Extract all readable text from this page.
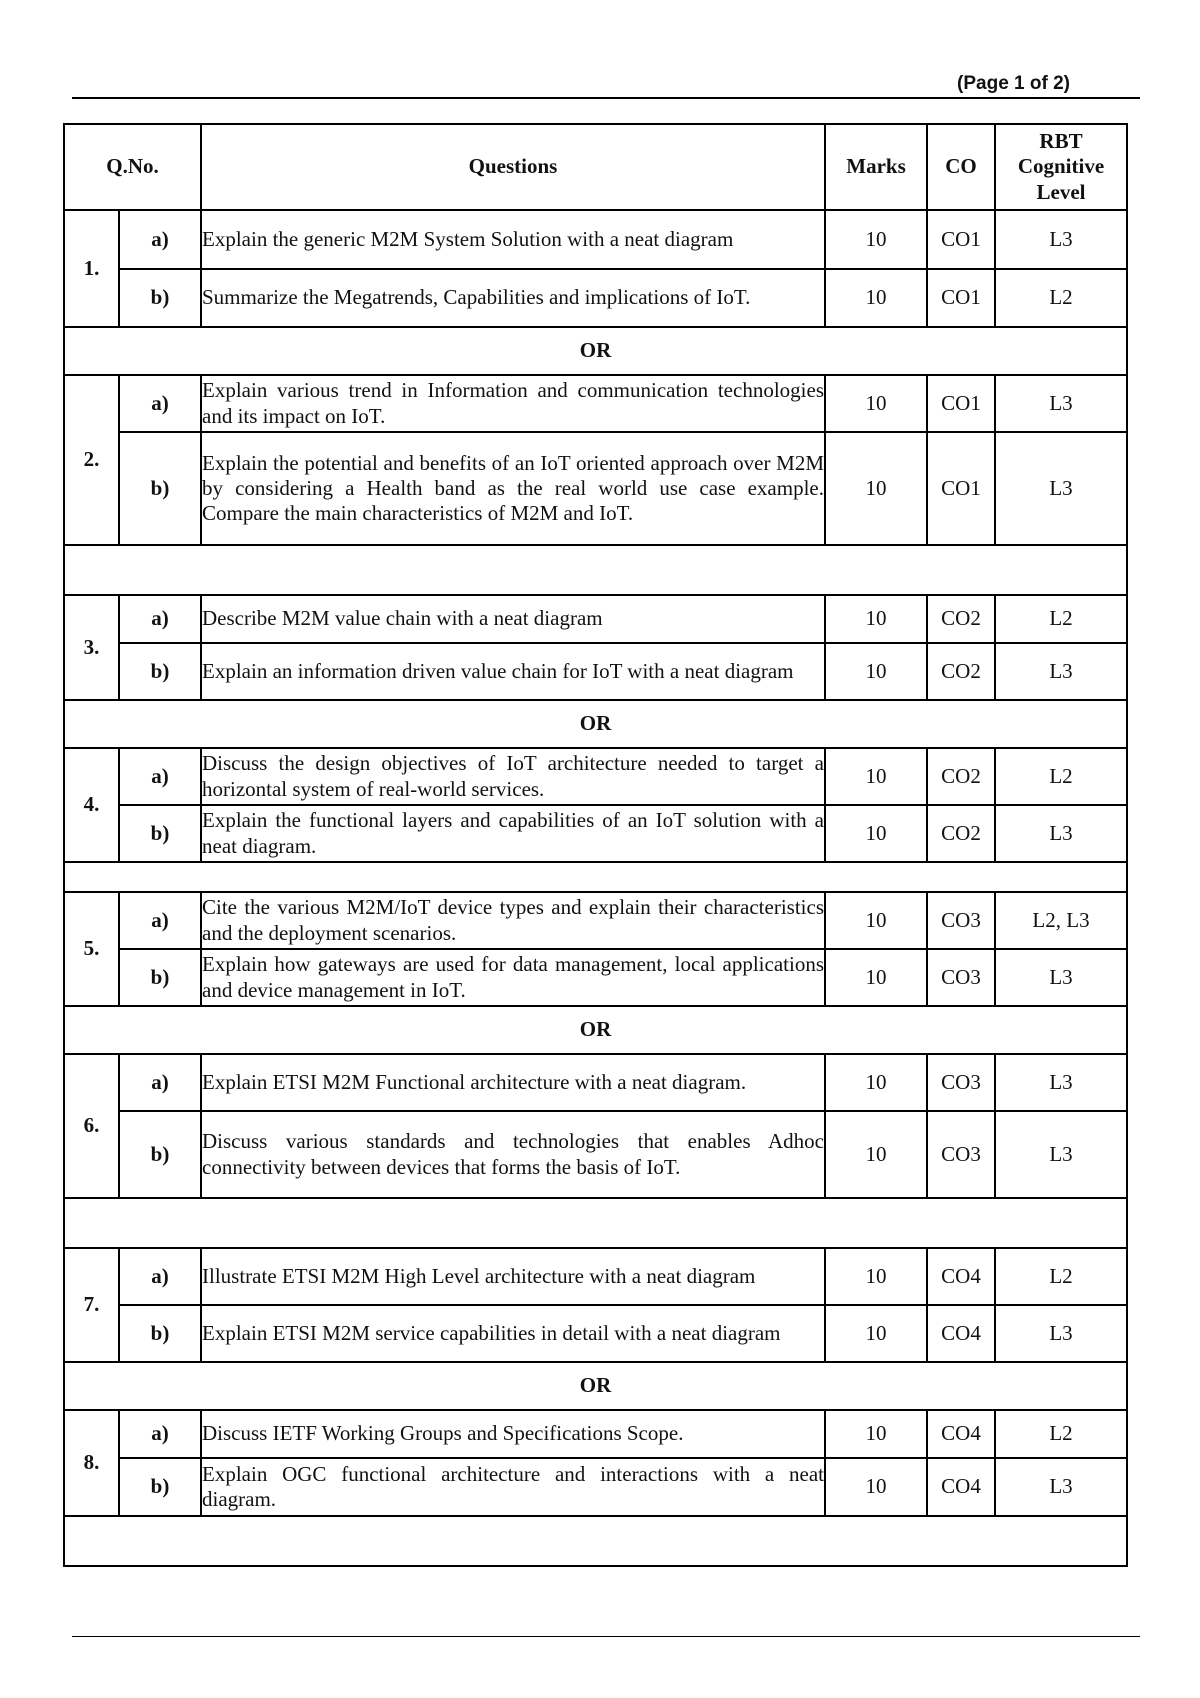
(Page 1 of 2)
Q.No.		Questions	Marks	CO	RBT Cognitive Level
1.	a)	Explain the generic M2M System Solution with a neat diagram	10	CO1	L3
	b)	Summarize the Megatrends, Capabilities and implications of IoT.	10	CO1	L2
OR					
2.	a)	Explain various trend in Information and communication technologies and its impact on IoT.	10	CO1	L3
	b)	Explain the potential and benefits of an IoT oriented approach over M2M by considering a Health band as the real world use case example. Compare the main characteristics of M2M and IoT.	10	CO1	L3

3.	a)	Describe M2M value chain with a neat diagram	10	CO2	L2
	b)	Explain an information driven value chain for IoT with a neat diagram	10	CO2	L3
OR					
4.	a)	Discuss the design objectives of IoT architecture needed to target a horizontal system of real-world services.	10	CO2	L2
	b)	Explain the functional layers and capabilities of an IoT solution with a neat diagram.	10	CO2	L3

5.	a)	Cite the various M2M/IoT device types and explain their characteristics and the deployment scenarios.	10	CO3	L2, L3
	b)	Explain how gateways are used for data management, local applications and device management in IoT.	10	CO3	L3
OR					
6.	a)	Explain ETSI M2M Functional architecture with a neat diagram.	10	CO3	L3
	b)	Discuss various standards and technologies that enables Adhoc connectivity between devices that forms the basis of IoT.	10	CO3	L3

7.	a)	Illustrate ETSI M2M High Level architecture with a neat diagram	10	CO4	L2
	b)	Explain ETSI M2M service capabilities in detail with a neat diagram	10	CO4	L3
OR					
8.	a)	Discuss IETF Working Groups and Specifications Scope.	10	CO4	L2
	b)	Explain OGC functional architecture and interactions with a neat diagram.	10	CO4	L3
